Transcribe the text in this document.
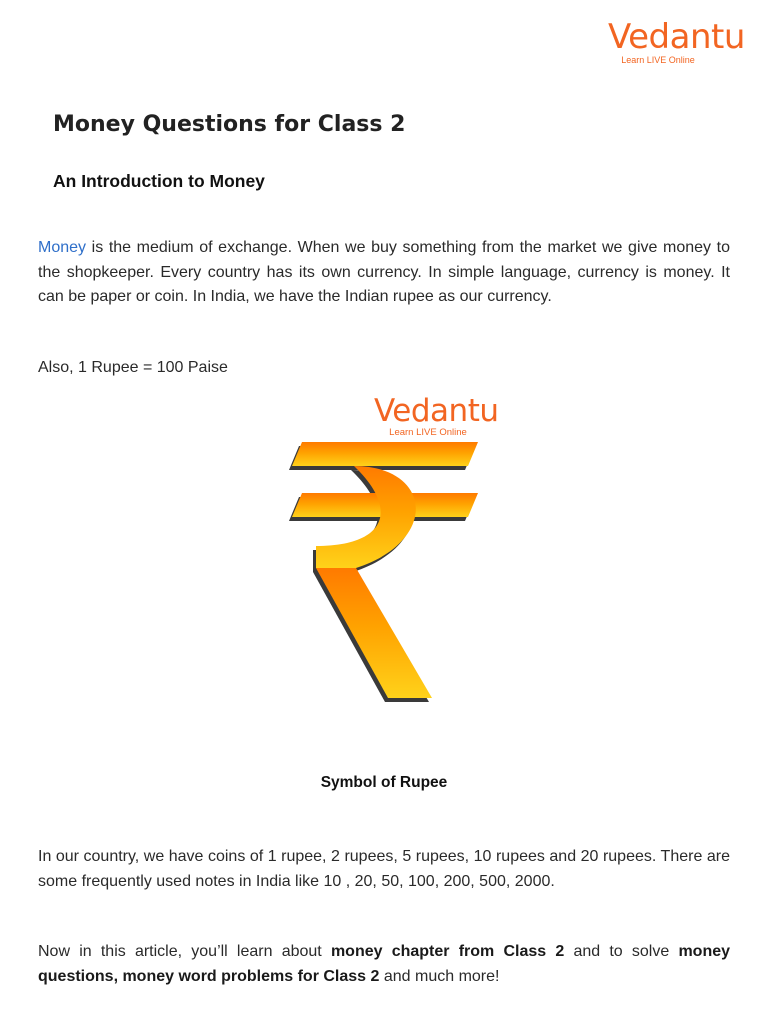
Vedantu
Learn LIVE Online
Money Questions for Class 2
An Introduction to Money

Money is the medium of exchange. When we buy something from the market we give money to the shopkeeper. Every country has its own currency. In simple language, currency is money. It can be paper or coin. In India, we have the Indian rupee as our currency.

Also, 1 Rupee = 100 Paise

Vedantu
Learn LIVE Online

Symbol of Rupee

In our country, we have coins of 1 rupee, 2 rupees, 5 rupees, 10 rupees and 20 rupees. There are some frequently used notes in India like 10 , 20, 50, 100, 200, 500, 2000.

Now in this article, you’ll learn about money chapter from Class 2 and to solve money questions, money word problems for Class 2 and much more!
